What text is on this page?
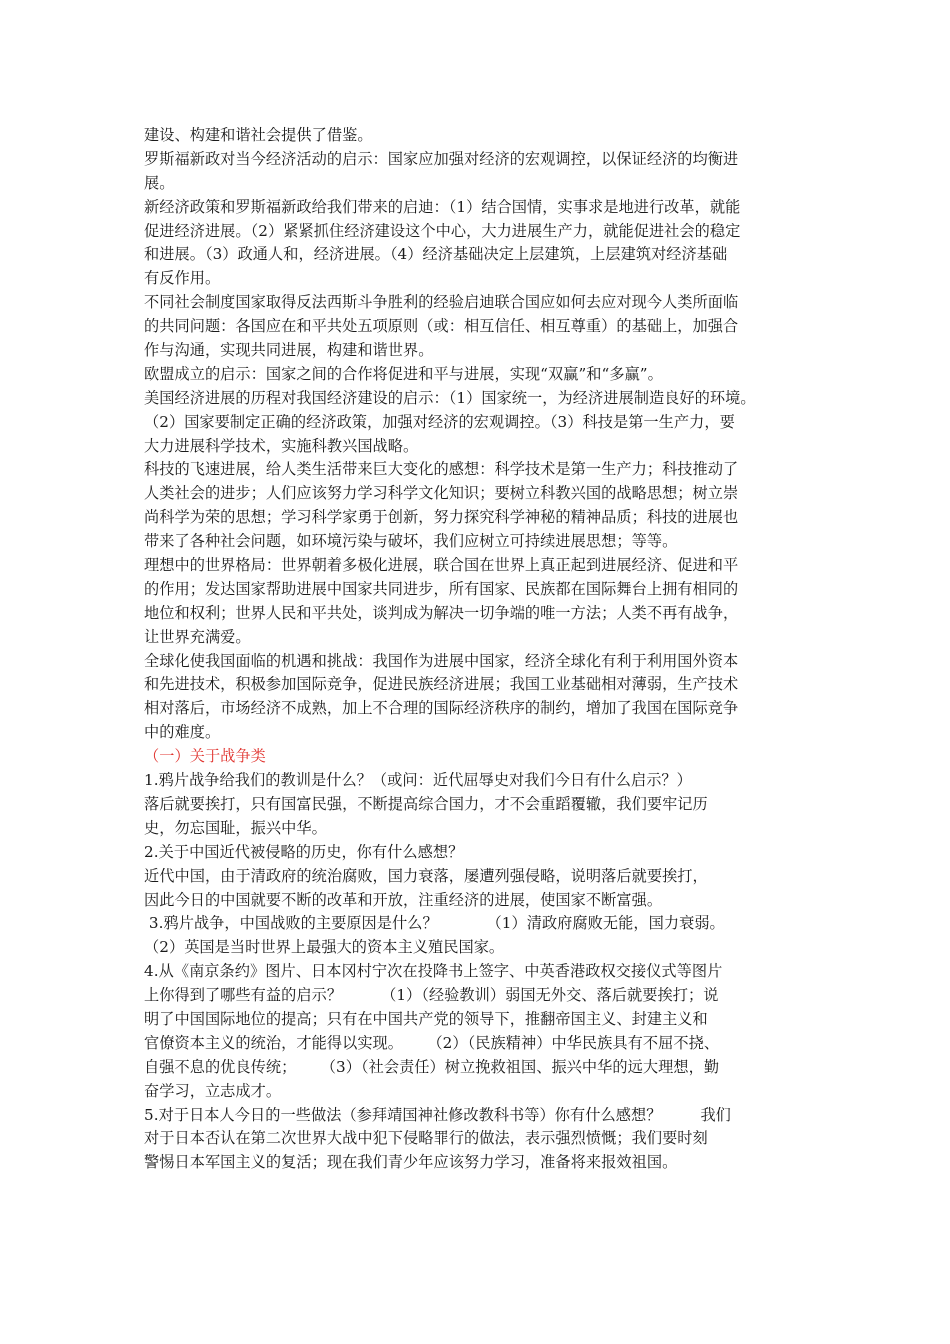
建设、构建和谐社会提供了借鉴。
罗斯福新政对当今经济活动的启示：国家应加强对经济的宏观调控，以保证经济的均衡进
展。
新经济政策和罗斯福新政给我们带来的启迪：（1）结合国情，实事求是地进行改革，就能
促进经济进展。（2）紧紧抓住经济建设这个中心，大力进展生产力，就能促进社会的稳定
和进展。（3）政通人和，经济进展。（4）经济基础决定上层建筑，上层建筑对经济基础
有反作用。
不同社会制度国家取得反法西斯斗争胜利的经验启迪联合国应如何去应对现今人类所面临
的共同问题：各国应在和平共处五项原则（或：相互信任、相互尊重）的基础上，加强合
作与沟通，实现共同进展，构建和谐世界。
欧盟成立的启示：国家之间的合作将促进和平与进展，实现“双赢”和“多赢”。
美国经济进展的历程对我国经济建设的启示：（1）国家统一，为经济进展制造良好的环境。
（2）国家要制定正确的经济政策，加强对经济的宏观调控。（3）科技是第一生产力，要
大力进展科学技术，实施科教兴国战略。
科技的飞速进展，给人类生活带来巨大变化的感想：科学技术是第一生产力；科技推动了
人类社会的进步；人们应该努力学习科学文化知识；要树立科教兴国的战略思想；树立崇
尚科学为荣的思想；学习科学家勇于创新，努力探究科学神秘的精神品质；科技的进展也
带来了各种社会问题，如环境污染与破坏，我们应树立可持续进展思想；等等。
理想中的世界格局：世界朝着多极化进展，联合国在世界上真正起到进展经济、促进和平
的作用；发达国家帮助进展中国家共同进步，所有国家、民族都在国际舞台上拥有相同的
地位和权利；世界人民和平共处，谈判成为解决一切争端的唯一方法；人类不再有战争，
让世界充满爱。
全球化使我国面临的机遇和挑战：我国作为进展中国家，经济全球化有利于利用国外资本
和先进技术，积极参加国际竞争，促进民族经济进展；我国工业基础相对薄弱，生产技术
相对落后，市场经济不成熟，加上不合理的国际经济秩序的制约，增加了我国在国际竞争
中的难度。
（一）关于战争类
1.鸦片战争给我们的教训是什么？（或问：近代屈辱史对我们今日有什么启示？）
落后就要挨打，只有国富民强，不断提高综合国力，才不会重蹈覆辙，我们要牢记历
史，勿忘国耻，振兴中华。
2.关于中国近代被侵略的历史，你有什么感想？
近代中国，由于清政府的统治腐败，国力衰落，屡遭列强侵略，说明落后就要挨打，
因此今日的中国就要不断的改革和开放，注重经济的进展，使国家不断富强。
3.鸦片战争，中国战败的主要原因是什么？          （1）清政府腐败无能，国力衰弱。
（2）英国是当时世界上最强大的资本主义殖民国家。
4.从《南京条约》图片、日本冈村宁次在投降书上签字、中英香港政权交接仪式等图片
上你得到了哪些有益的启示？        （1）（经验教训）弱国无外交、落后就要挨打；说
明了中国国际地位的提高；只有在中国共产党的领导下，推翻帝国主义、封建主义和
官僚资本主义的统治，才能得以实现。     （2）（民族精神）中华民族具有不屈不挠、
自强不息的优良传统；     （3）（社会责任）树立挽救祖国、振兴中华的远大理想，勤
奋学习，立志成才。
5.对于日本人今日的一些做法（参拜靖国神社修改教科书等）你有什么感想？        我们
对于日本否认在第二次世界大战中犯下侵略罪行的做法，表示强烈愤慨；我们要时刻
警惕日本军国主义的复活；现在我们青少年应该努力学习，准备将来报效祖国。
